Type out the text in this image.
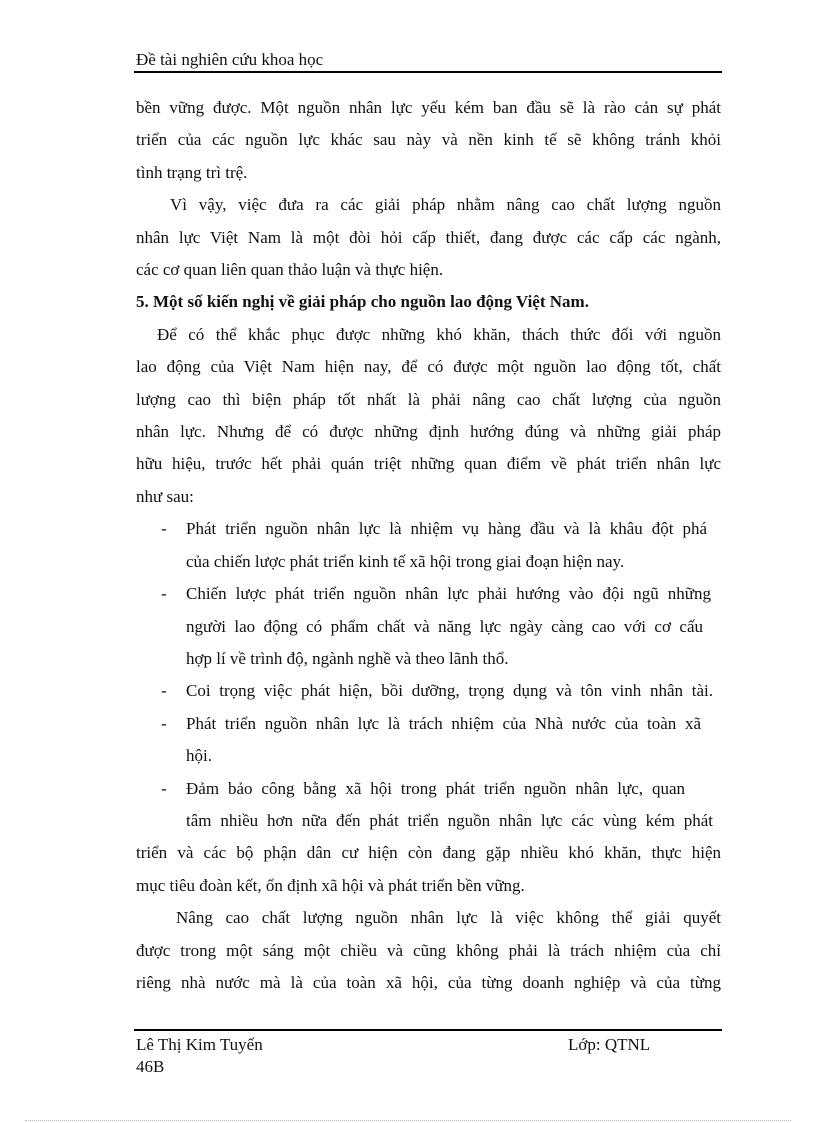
Đề tài nghiên cứu khoa học
bền vững được. Một nguồn nhân lực yếu kém ban đầu sẽ là rào cản sự phát
triển của các nguồn lực khác sau này và nền kinh tế sẽ không tránh khỏi
tình trạng trì trệ.
Vì vậy, việc đưa ra các giải pháp nhằm nâng cao chất lượng nguồn
nhân lực Việt Nam là một đòi hỏi cấp thiết, đang được các cấp các ngành,
các cơ quan liên quan thảo luận và thực hiện.
5. Một số kiến nghị về giải pháp cho nguồn lao động Việt Nam.
Để có thể khắc phục được những khó khăn, thách thức đối với nguồn
lao động của Việt Nam hiện nay, để có được một nguồn lao động tốt, chất
lượng cao thì biện pháp tốt nhất là phải nâng cao chất lượng của nguồn
nhân lực. Nhưng để có được những định hướng đúng và những giải pháp
hữu hiệu, trước hết phải quán triệt những quan điểm về phát triển nhân lực
như sau:
-	Phát triển nguồn nhân lực là nhiệm vụ hàng đầu và là khâu đột phá
của chiến lược phát triển kinh tế xã hội trong giai đoạn hiện nay.
-	Chiến lược phát triển nguồn nhân lực phải hướng vào đội ngũ những
người lao động có phẩm chất và năng lực ngày càng cao với cơ cấu
hợp lí về trình độ, ngành nghề và theo lãnh thổ.
-	Coi trọng việc phát hiện, bồi dưỡng, trọng dụng và tôn vinh nhân tài.
-	Phát triển nguồn nhân lực là trách nhiệm của Nhà nước của toàn xã
hội.
-	Đảm bảo công bằng xã hội trong phát triển nguồn nhân lực, quan
tâm nhiều hơn nữa đến phát triển nguồn nhân lực các vùng kém phát
triển và các bộ phận dân cư hiện còn đang gặp nhiều khó khăn, thực hiện
mục tiêu đoàn kết, ổn định xã hội và phát triển bền vững.
Nâng cao chất lượng nguồn nhân lực là việc không thể giải quyết
được trong một sáng một chiều và cũng không phải là trách nhiệm của chỉ
riêng nhà nước mà là của toàn xã hội, của từng doanh nghiệp và của từng
Lê Thị Kim Tuyến
46B
Lớp: QTNL
